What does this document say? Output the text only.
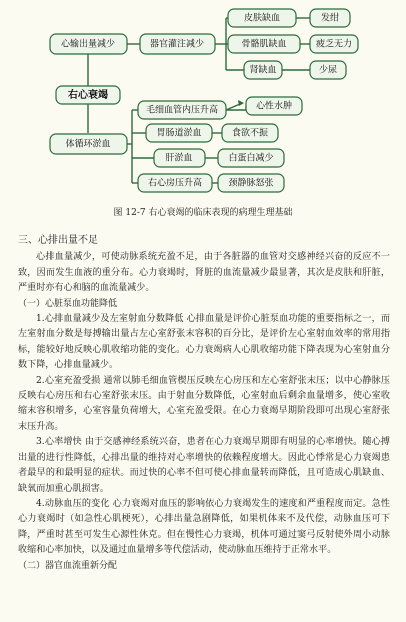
心输出量减少	器官灌注减少
皮肤缺血
骨骼肌缺血
肾缺血
发绀
疲乏无力
少尿
右心衰竭
体循环淤血
毛细血管内压升高
胃肠道淤血
肝淤血
右心房压升高
心性水肿
食欲不振
白蛋白减少
颈静脉怒张
图 12-7 右心衰竭的临床表现的病理生理基础

三、心排出量不足

心排血量减少，可使动脉系统充盈不足，由于各脏器的血管对交感神经兴奋的反应不一致，因而发生血液的重分布。心力衰竭时，肾脏的血流量减少最显著，其次是皮肤和肝脏，严重时亦有心和脑的血流量减少。

（一）心脏泵血功能降低

1.心排血量减少及左室射血分数降低 心排血量是评价心脏泵血功能的重要指标之一，而左室射血分数是每搏输出量占左心室舒张末容积的百分比，是评价左心室射血效率的常用指标，能较好地反映心肌收缩功能的变化。心力衰竭病人心肌收缩功能下降表现为心室射血分数下降，心排血量减少。

2.心室充盈受损 通常以肺毛细血管楔压反映左心房压和左心室舒张末压；以中心静脉压反映右心房压和右心室舒张末压。由于射血分数降低，心室射血后剩余血量增多，使心室收缩末容积增多，心室容量负荷增大，心室充盈受限。在心力衰竭早期阶段即可出现心室舒张末压升高。

3.心率增快 由于交感神经系统兴奋，患者在心力衰竭早期即有明显的心率增快。随心搏出量的进行性降低，心排出量的维持对心率增快的依赖程度增大。因此心悸常是心力衰竭患者最早的和最明显的症状。而过快的心率不但可使心排血量转而降低，且可造成心肌缺血、缺氧而加重心肌损害。

4.动脉血压的变化 心力衰竭对血压的影响依心力衰竭发生的速度和严重程度而定。急性心力衰竭时（如急性心肌梗死），心排出量急剧降低，如果机体来不及代偿，动脉血压可下降，严重时甚至可发生心源性休克。但在慢性心力衰竭，机体可通过窦弓反射使外周小动脉收缩和心率加快，以及通过血量增多等代偿活动，使动脉血压维持于正常水平。

（二）器官血流重新分配
